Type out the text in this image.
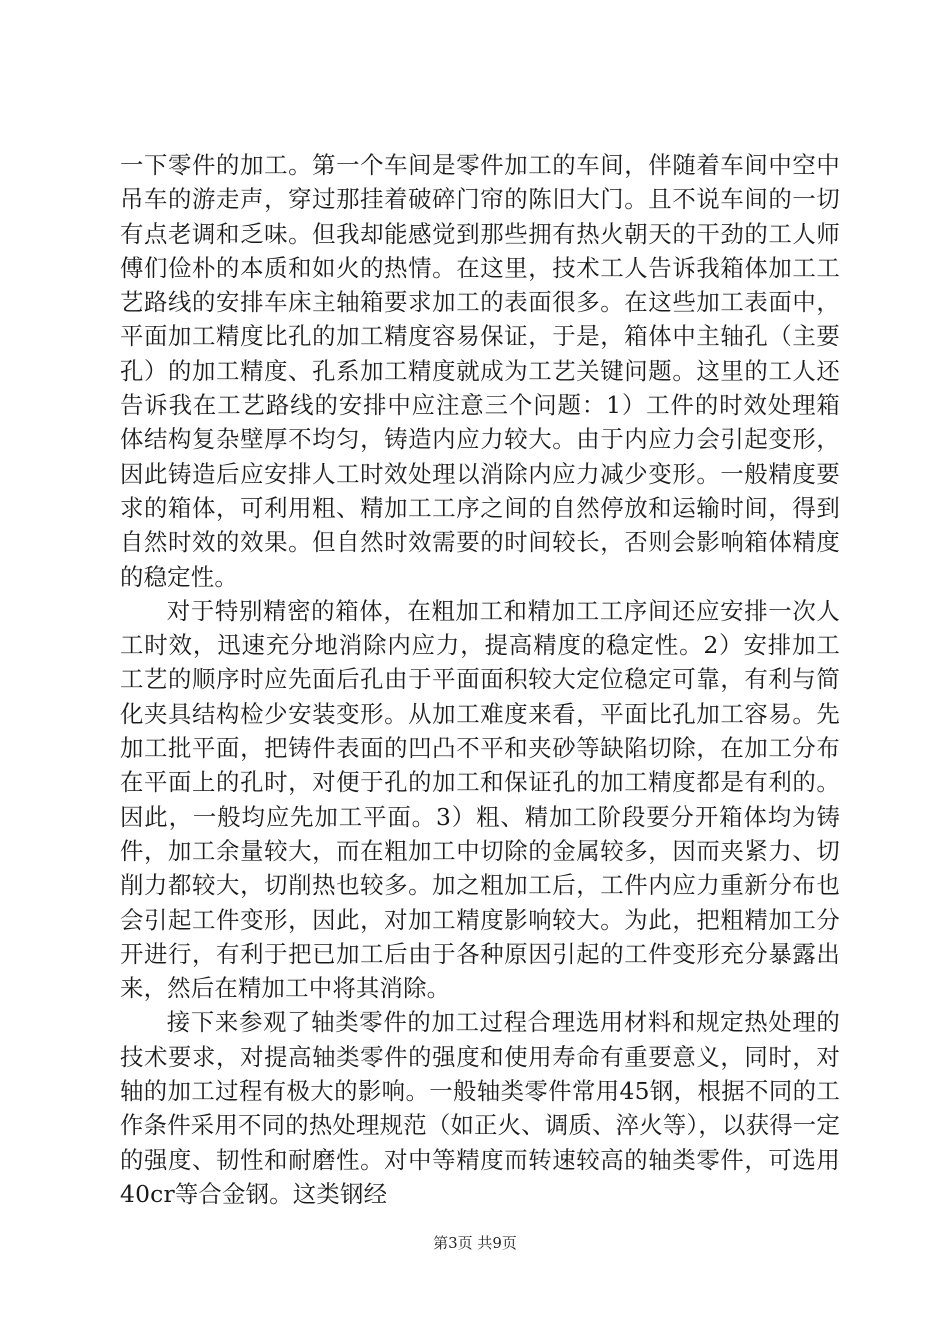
一下零件的加工。第一个车间是零件加工的车间，伴随着车间中空中吊车的游走声，穿过那挂着破碎门帘的陈旧大门。且不说车间的一切有点老调和乏味。但我却能感觉到那些拥有热火朝天的干劲的工人师傅们俭朴的本质和如火的热情。在这里，技术工人告诉我箱体加工工艺路线的安排车床主轴箱要求加工的表面很多。在这些加工表面中，平面加工精度比孔的加工精度容易保证，于是，箱体中主轴孔（主要孔）的加工精度、孔系加工精度就成为工艺关键问题。这里的工人还告诉我在工艺路线的安排中应注意三个问题：1）工件的时效处理箱体结构复杂壁厚不均匀，铸造内应力较大。由于内应力会引起变形，因此铸造后应安排人工时效处理以消除内应力减少变形。一般精度要求的箱体，可利用粗、精加工工序之间的自然停放和运输时间，得到自然时效的效果。但自然时效需要的时间较长，否则会影响箱体精度的稳定性。

对于特别精密的箱体，在粗加工和精加工工序间还应安排一次人工时效，迅速充分地消除内应力，提高精度的稳定性。2）安排加工工艺的顺序时应先面后孔由于平面面积较大定位稳定可靠，有利与简化夹具结构检少安装变形。从加工难度来看，平面比孔加工容易。先加工批平面，把铸件表面的凹凸不平和夹砂等缺陷切除，在加工分布在平面上的孔时，对便于孔的加工和保证孔的加工精度都是有利的。因此，一般均应先加工平面。3）粗、精加工阶段要分开箱体均为铸件，加工余量较大，而在粗加工中切除的金属较多，因而夹紧力、切削力都较大，切削热也较多。加之粗加工后，工件内应力重新分布也会引起工件变形，因此，对加工精度影响较大。为此，把粗精加工分开进行，有利于把已加工后由于各种原因引起的工件变形充分暴露出来，然后在精加工中将其消除。

接下来参观了轴类零件的加工过程合理选用材料和规定热处理的技术要求，对提高轴类零件的强度和使用寿命有重要意义，同时，对轴的加工过程有极大的影响。一般轴类零件常用45钢，根据不同的工作条件采用不同的热处理规范（如正火、调质、淬火等），以获得一定的强度、韧性和耐磨性。对中等精度而转速较高的轴类零件，可选用40cr等合金钢。这类钢经

第3页 共9页
